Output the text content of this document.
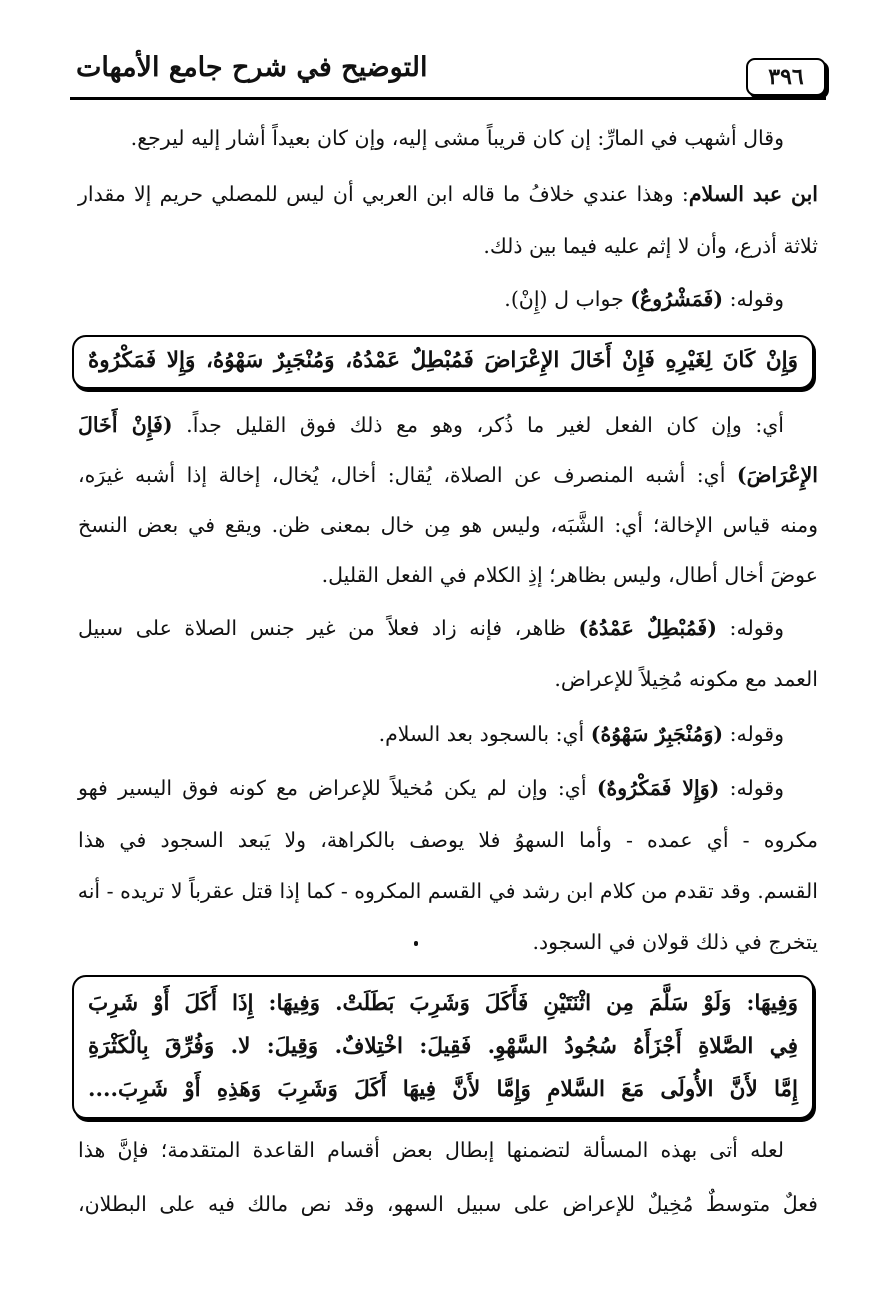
٣٩٦
التوضيح في شرح جامع الأمهات
وقال أشهب في المارِّ: إن كان قريباً مشى إليه، وإن كان بعيداً أشار إليه ليرجع.
ابن عبد السلام: وهذا عندي خلافُ ما قاله ابن العربي أن ليس للمصلي حريم إلا مقدار
ثلاثة أذرع، وأن لا إثم عليه فيما بين ذلك.
وقوله: (فَمَشْرُوعٌ) جواب ل (إِنْ).
وَإِنْ كَانَ لِغَيْرِهِ فَإِنْ أَخَالَ الإِعْرَاضَ فَمُبْطِلٌ عَمْدُهُ، وَمُنْجَبِرٌ سَهْوُهُ، وَإِلا فَمَكْرُوهٌ
أي: وإن كان الفعل لغير ما ذُكر، وهو مع ذلك فوق القليل جداً. (فَإِنْ أَخَالَ
الإِعْرَاضَ) أي: أشبه المنصرف عن الصلاة، يُقال: أخال، يُخال، إخالة إذا أشبه غيرَه،
ومنه قياس الإخالة؛ أي: الشَّبَه، وليس هو مِن خال بمعنى ظن. ويقع في بعض النسخ
عوضَ أخال أطال، وليس بظاهر؛ إذِ الكلام في الفعل القليل.
وقوله: (فَمُبْطِلٌ عَمْدُهُ) ظاهر، فإنه زاد فعلاً من غير جنس الصلاة على سبيل
العمد مع مكونه مُخِيلاً للإعراض.
وقوله: (وَمُنْجَبِرٌ سَهْوُهُ) أي: بالسجود بعد السلام.
وقوله: (وَإِلا فَمَكْرُوهٌ) أي: وإن لم يكن مُخيلاً للإعراض مع كونه فوق اليسير فهو
مكروه - أي عمده - وأما السهوُ فلا يوصف بالكراهة، ولا يَبعد السجود في هذا
القسم. وقد تقدم من كلام ابن رشد في القسم المكروه - كما إذا قتل عقرباً لا تريده - أنه
يتخرج في ذلك قولان في السجود.
وَفِيهَا: وَلَوْ سَلَّمَ مِن اثْنَتَيْنِ فَأَكَلَ وَشَرِبَ بَطَلَتْ. وَفِيهَا: إِذَا أَكَلَ أَوْ شَرِبَ
فِي الصَّلاةِ أَجْزَأَهُ سُجُودُ السَّهْوِ. فَقِيلَ: اخْتِلافٌ. وَقِيلَ: لا. وَفُرِّقَ بِالْكَثْرَةِ
إِمَّا لأَنَّ الأُولَى مَعَ السَّلامِ وَإِمَّا لأَنَّ فِيهَا أَكَلَ وَشَرِبَ وَهَذِهِ أَوْ شَرِبَ....
لعله أتى بهذه المسألة لتضمنها إبطال بعض أقسام القاعدة المتقدمة؛ فإنَّ هذا
فعلٌ متوسطٌ مُخِيلٌ للإعراض على سبيل السهو، وقد نص مالك فيه على البطلان،
